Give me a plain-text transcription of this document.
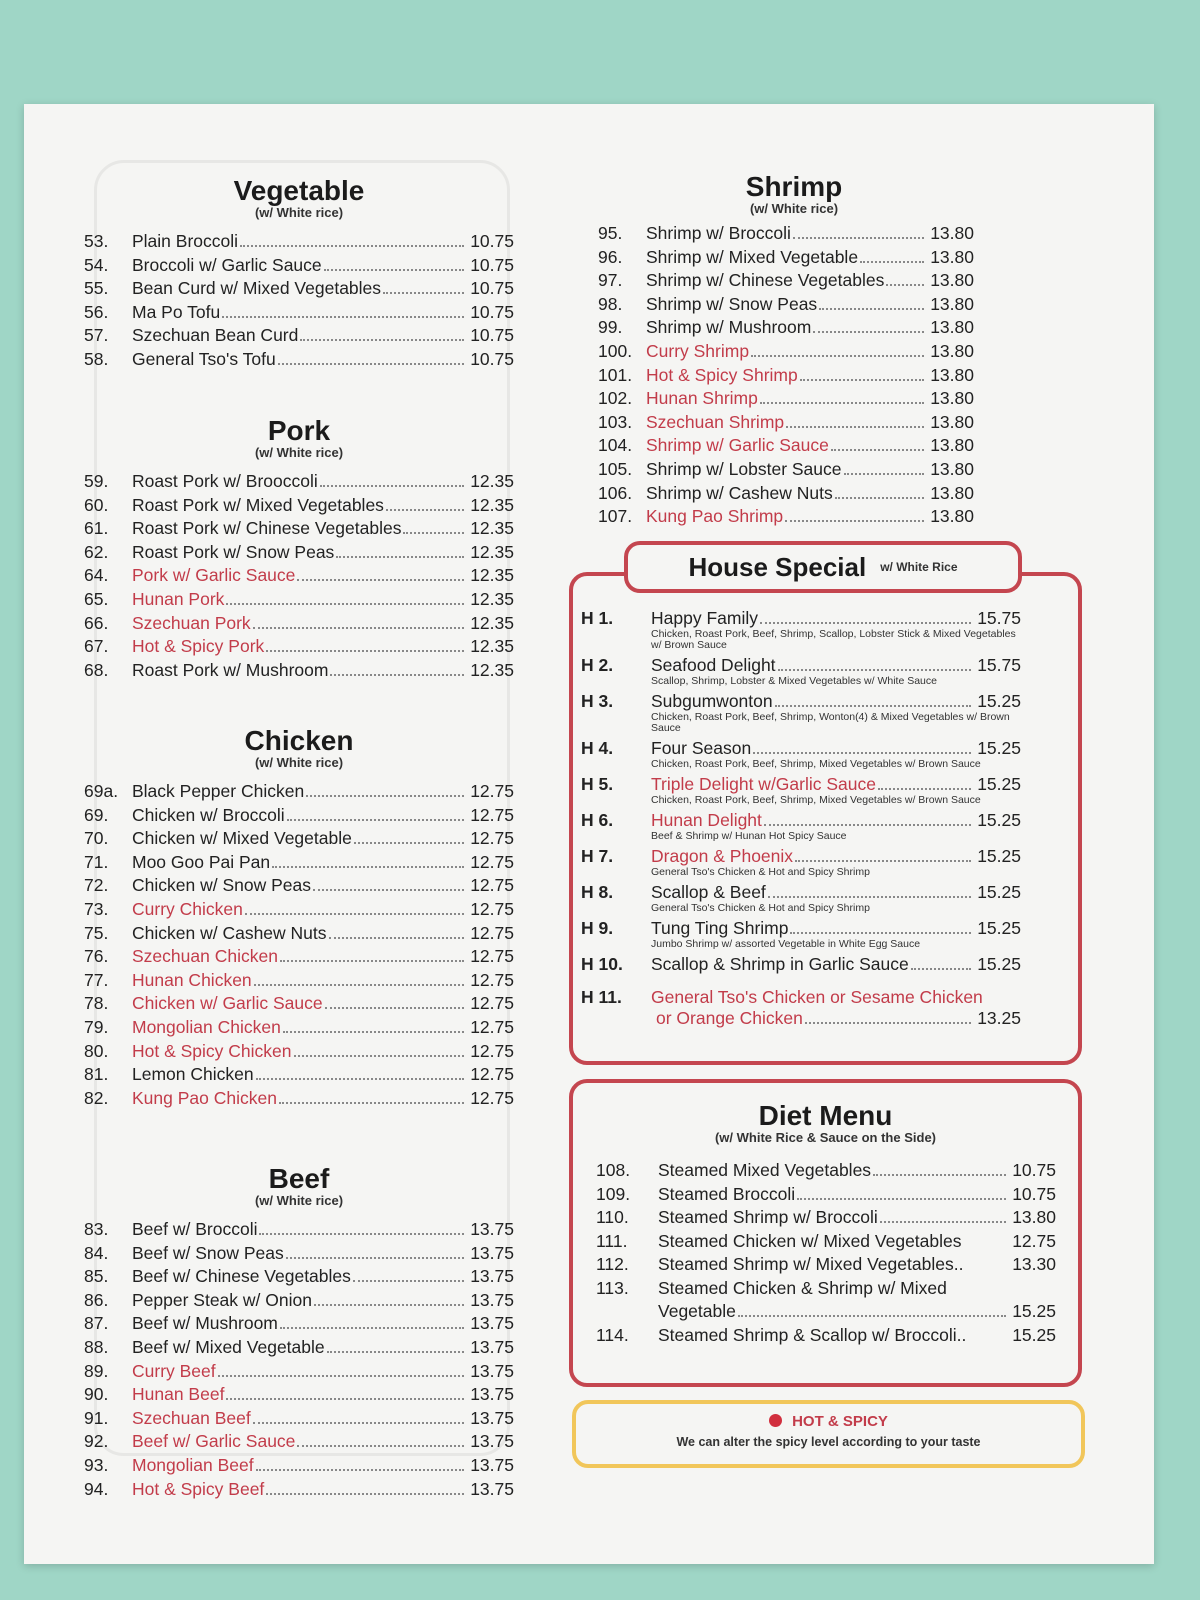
Vegetable
(w/ White rice)
53.	Plain Broccoli	10.75
54.	Broccoli w/ Garlic Sauce	10.75
55.	Bean Curd w/ Mixed Vegetables	10.75
56.	Ma Po Tofu	10.75
57.	Szechuan Bean Curd	10.75
58.	General Tso's Tofu	10.75
Pork
(w/ White rice)
59.	Roast Pork w/ Brooccoli	12.35
60.	Roast Pork w/ Mixed Vegetables	12.35
61.	Roast Pork w/ Chinese Vegetables	12.35
62.	Roast Pork w/ Snow Peas	12.35
64.	Pork w/ Garlic Sauce	12.35
65.	Hunan Pork	12.35
66.	Szechuan Pork	12.35
67.	Hot & Spicy Pork	12.35
68.	Roast Pork w/ Mushroom	12.35
Chicken
(w/ White rice)
69a. Black Pepper Chicken	12.75
69.	Chicken w/ Broccoli	12.75
70.	Chicken w/ Mixed Vegetable	12.75
71.	Moo Goo Pai Pan	12.75
72.	Chicken w/ Snow Peas	12.75
73.	Curry Chicken	12.75
75.	Chicken w/ Cashew Nuts	12.75
76.	Szechuan Chicken	12.75
77.	Hunan Chicken	12.75
78.	Chicken w/ Garlic Sauce	12.75
79.	Mongolian Chicken	12.75
80.	Hot & Spicy Chicken	12.75
81.	Lemon Chicken	12.75
82.	Kung Pao Chicken	12.75
Beef
(w/ White rice)
83.	Beef w/ Broccoli	13.75
84.	Beef w/ Snow Peas	13.75
85.	Beef w/ Chinese Vegetables	13.75
86.	Pepper Steak w/ Onion	13.75
87.	Beef w/ Mushroom	13.75
88.	Beef w/ Mixed Vegetable	13.75
89.	Curry Beef	13.75
90.	Hunan Beef	13.75
91.	Szechuan Beef	13.75
92.	Beef w/ Garlic Sauce	13.75
93.	Mongolian Beef	13.75
94.	Hot & Spicy Beef	13.75
Shrimp
(w/ White rice)
95.	Shrimp w/ Broccoli	13.80
96.	Shrimp w/ Mixed Vegetable	13.80
97.	Shrimp w/ Chinese Vegetables	13.80
98.	Shrimp w/ Snow Peas	13.80
99.	Shrimp w/ Mushroom	13.80
100. Curry Shrimp	13.80
101. Hot & Spicy Shrimp	13.80
102. Hunan Shrimp	13.80
103. Szechuan Shrimp	13.80
104. Shrimp w/ Garlic Sauce	13.80
105. Shrimp w/ Lobster Sauce	13.80
106. Shrimp w/ Cashew Nuts	13.80
107. Kung Pao Shrimp	13.80
House Special w/ White Rice
H 1.	Happy Family	15.75
Chicken, Roast Pork, Beef, Shrimp, Scallop, Lobster Stick & Mixed Vegetables w/ Brown Sauce
H 2.	Seafood Delight	15.75
Scallop, Shrimp, Lobster & Mixed Vegetables w/ White Sauce
H 3.	Subgumwonton	15.25
Chicken, Roast Pork, Beef, Shrimp, Wonton(4) & Mixed Vegetables w/ Brown Sauce
H 4.	Four Season	15.25
Chicken, Roast Pork, Beef, Shrimp, Mixed Vegetables w/ Brown Sauce
H 5.	Triple Delight w/Garlic Sauce	15.25
Chicken, Roast Pork, Beef, Shrimp, Mixed Vegetables w/ Brown Sauce
H 6.	Hunan Delight	15.25
Beef & Shrimp w/ Hunan Hot Spicy Sauce
H 7.	Dragon & Phoenix	15.25
General Tso's Chicken & Hot and Spicy Shrimp
H 8.	Scallop & Beef	15.25
General Tso's Chicken & Hot and Spicy Shrimp
H 9.	Tung Ting Shrimp	15.25
Jumbo Shrimp w/ assorted Vegetable in White Egg Sauce
H 10.	Scallop & Shrimp in Garlic Sauce	15.25
H 11.	General Tso's Chicken or Sesame Chicken
or Orange Chicken	13.25
Diet Menu
(w/ White Rice & Sauce on the Side)
108.	Steamed Mixed Vegetables	10.75
109.	Steamed Broccoli	10.75
110.	Steamed Shrimp w/ Broccoli	13.80
111.	Steamed Chicken w/ Mixed Vegetables	12.75
112.	Steamed Shrimp w/ Mixed Vegetables..	13.30
113.	Steamed Chicken & Shrimp w/ Mixed
Vegetable	15.25
114.	Steamed Shrimp & Scallop w/ Broccoli..	15.25
HOT & SPICY
We can alter the spicy level according to your taste
